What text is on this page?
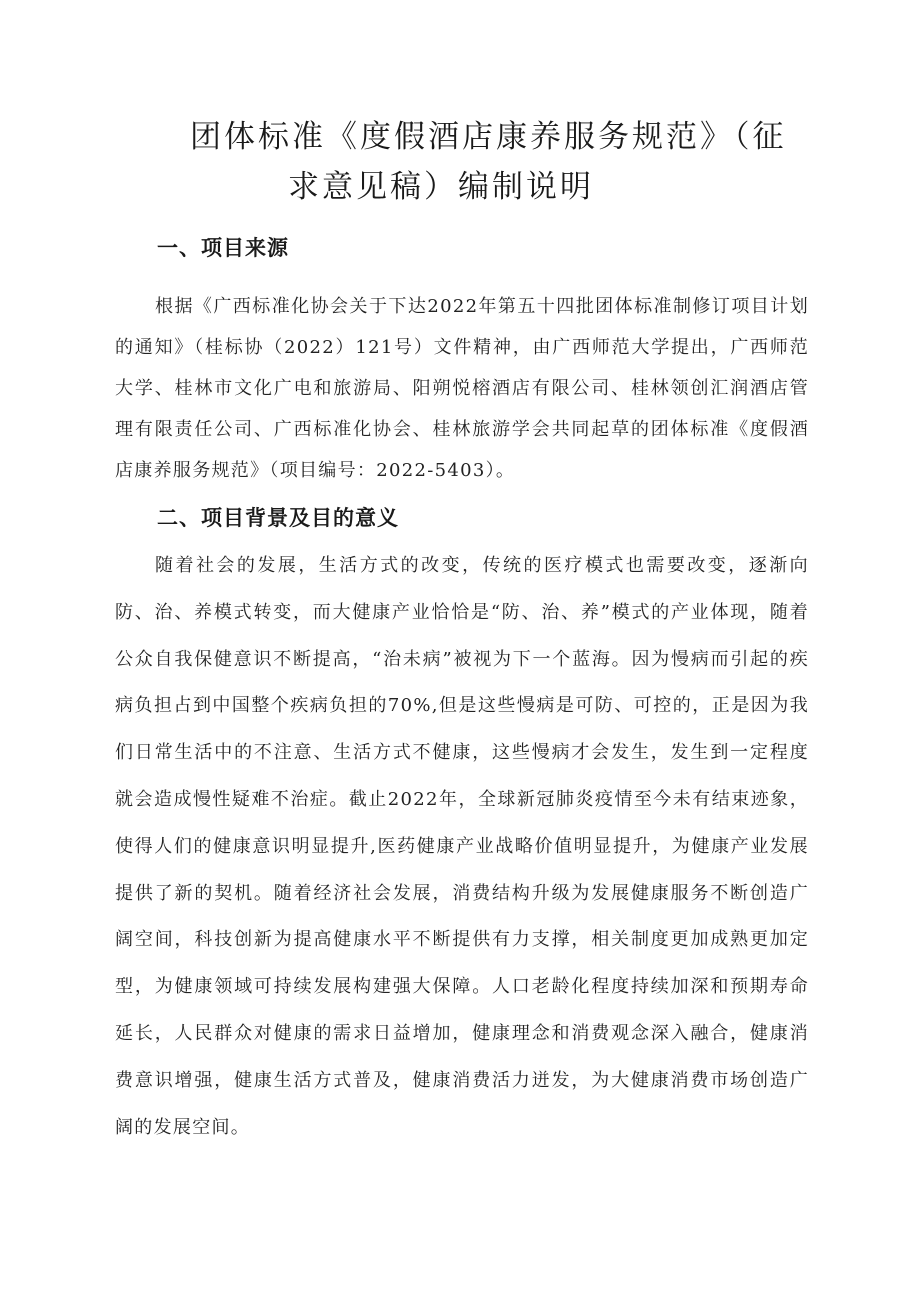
团体标准《度假酒店康养服务规范》（征
求意见稿）编制说明
一、项目来源

根据《广西标准化协会关于下达2022年第五十四批团体标准制修订项目计划的通知》（桂标协（2022）121号）文件精神，由广西师范大学提出，广西师范大学、桂林市文化广电和旅游局、阳朔悦榕酒店有限公司、桂林领创汇润酒店管理有限责任公司、广西标准化协会、桂林旅游学会共同起草的团体标准《度假酒店康养服务规范》（项目编号：2022-5403）。

二、项目背景及目的意义

随着社会的发展，生活方式的改变，传统的医疗模式也需要改变，逐渐向防、治、养模式转变，而大健康产业恰恰是“防、治、养”模式的产业体现，随着公众自我保健意识不断提高，“治未病”被视为下一个蓝海。因为慢病而引起的疾病负担占到中国整个疾病负担的70%,但是这些慢病是可防、可控的，正是因为我们日常生活中的不注意、生活方式不健康，这些慢病才会发生，发生到一定程度就会造成慢性疑难不治症。截止2022年，全球新冠肺炎疫情至今未有结束迹象，使得人们的健康意识明显提升,医药健康产业战略价值明显提升，为健康产业发展提供了新的契机。随着经济社会发展，消费结构升级为发展健康服务不断创造广阔空间，科技创新为提高健康水平不断提供有力支撑，相关制度更加成熟更加定型，为健康领域可持续发展构建强大保障。人口老龄化程度持续加深和预期寿命延长，人民群众对健康的需求日益增加，健康理念和消费观念深入融合，健康消费意识增强，健康生活方式普及，健康消费活力迸发，为大健康消费市场创造广阔的发展空间。
